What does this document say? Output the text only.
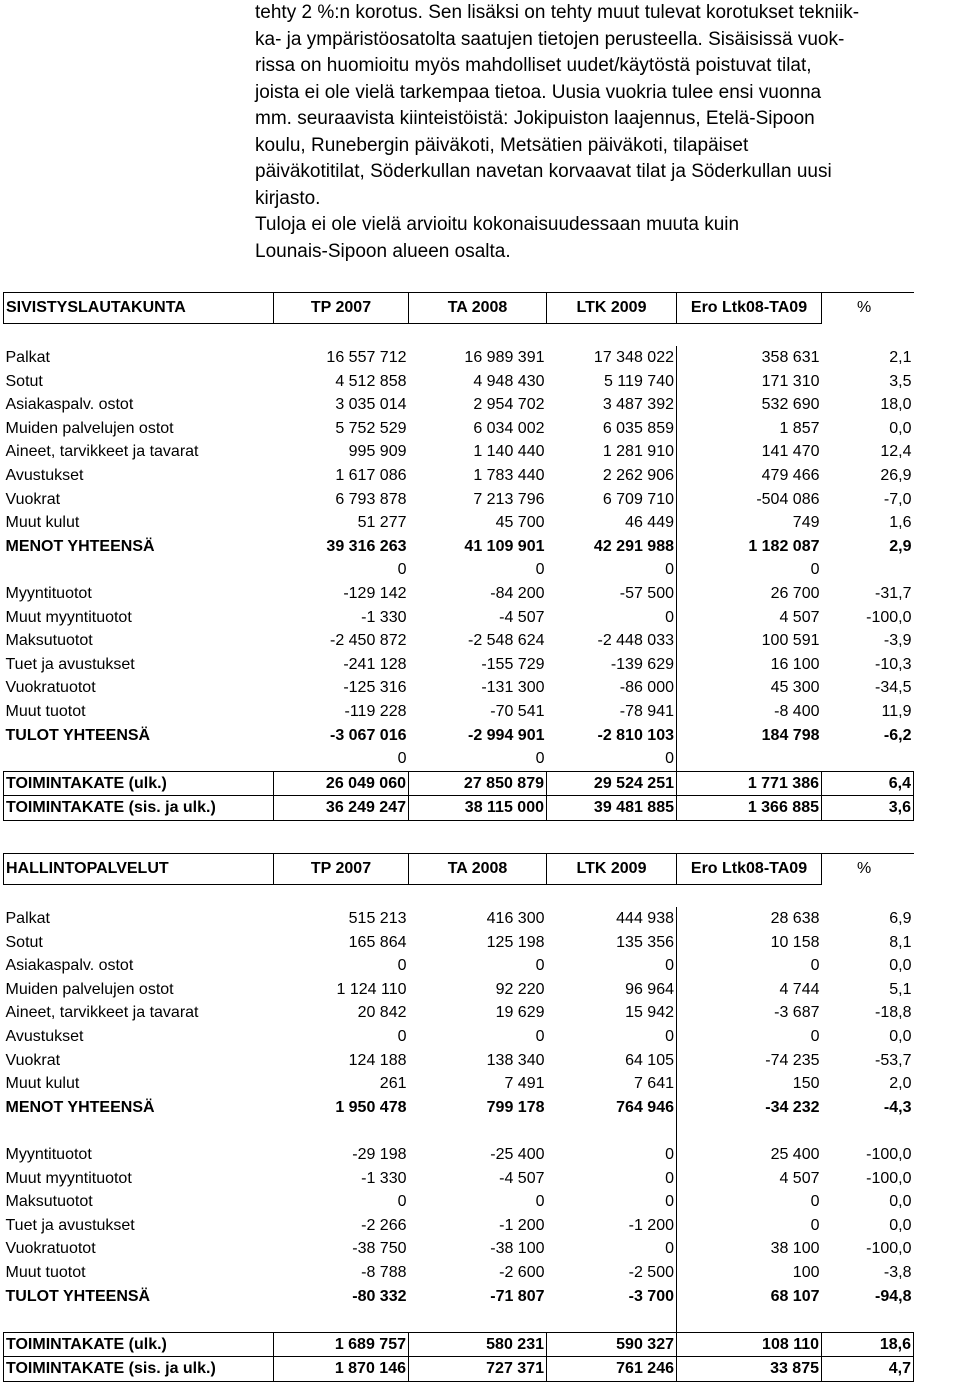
tehty 2 %:n korotus. Sen lisäksi on tehty muut tulevat korotukset tekniik-
ka- ja ympäristöosatolta saatujen tietojen perusteella. Sisäisissä vuok-
rissa on huomioitu myös mahdolliset uudet/käytöstä poistuvat tilat,
joista ei ole vielä tarkempaa tietoa. Uusia vuokria tulee ensi vuonna
mm. seuraavista kiinteistöistä: Jokipuiston laajennus, Etelä-Sipoon
koulu, Runebergin päiväkoti, Metsätien päiväkoti, tilapäiset
päiväkotitilat, Söderkullan navetan korvaavat tilat ja Söderkullan uusi
kirjasto.
Tuloja ei ole vielä arvioitu kokonaisuudessaan muuta kuin
Lounais-Sipoon alueen osalta.
SIVISTYSLAUTAKUNTA	TP 2007	TA 2008	LTK 2009	Ero Ltk08-TA09	%

Palkat	16 557 712	16 989 391	17 348 022	358 631	2,1
Sotut	4 512 858	4 948 430	5 119 740	171 310	3,5
Asiakaspalv. ostot	3 035 014	2 954 702	3 487 392	532 690	18,0
Muiden palvelujen ostot	5 752 529	6 034 002	6 035 859	1 857	0,0
Aineet, tarvikkeet ja tavarat	995 909	1 140 440	1 281 910	141 470	12,4
Avustukset	1 617 086	1 783 440	2 262 906	479 466	26,9
Vuokrat	6 793 878	7 213 796	6 709 710	-504 086	-7,0
Muut kulut	51 277	45 700	46 449	749	1,6
MENOT YHTEENSÄ	39 316 263	41 109 901	42 291 988	1 182 087	2,9
	0	0	0	0	
Myyntituotot	-129 142	-84 200	-57 500	26 700	-31,7
Muut myyntituotot	-1 330	-4 507	0	4 507	-100,0
Maksutuotot	-2 450 872	-2 548 624	-2 448 033	100 591	-3,9
Tuet ja avustukset	-241 128	-155 729	-139 629	16 100	-10,3
Vuokratuotot	-125 316	-131 300	-86 000	45 300	-34,5
Muut tuotot	-119 228	-70 541	-78 941	-8 400	11,9
TULOT YHTEENSÄ	-3 067 016	-2 994 901	-2 810 103	184 798	-6,2
	0	0	0		
TOIMINTAKATE (ulk.)	26 049 060	27 850 879	29 524 251	1 771 386	6,4
TOIMINTAKATE (sis. ja ulk.)	36 249 247	38 115 000	39 481 885	1 366 885	3,6
HALLINTOPALVELUT	TP 2007	TA 2008	LTK 2009	Ero Ltk08-TA09	%

Palkat	515 213	416 300	444 938	28 638	6,9
Sotut	165 864	125 198	135 356	10 158	8,1
Asiakaspalv. ostot	0	0	0	0	0,0
Muiden palvelujen ostot	1 124 110	92 220	96 964	4 744	5,1
Aineet, tarvikkeet ja tavarat	20 842	19 629	15 942	-3 687	-18,8
Avustukset	0	0	0	0	0,0
Vuokrat	124 188	138 340	64 105	-74 235	-53,7
Muut kulut	261	7 491	7 641	150	2,0
MENOT YHTEENSÄ	1 950 478	799 178	764 946	-34 232	-4,3

Myyntituotot	-29 198	-25 400	0	25 400	-100,0
Muut myyntituotot	-1 330	-4 507	0	4 507	-100,0
Maksutuotot	0	0	0	0	0,0
Tuet ja avustukset	-2 266	-1 200	-1 200	0	0,0
Vuokratuotot	-38 750	-38 100	0	38 100	-100,0
Muut tuotot	-8 788	-2 600	-2 500	100	-3,8
TULOT YHTEENSÄ	-80 332	-71 807	-3 700	68 107	-94,8

TOIMINTAKATE (ulk.)	1 689 757	580 231	590 327	108 110	18,6
TOIMINTAKATE (sis. ja ulk.)	1 870 146	727 371	761 246	33 875	4,7
